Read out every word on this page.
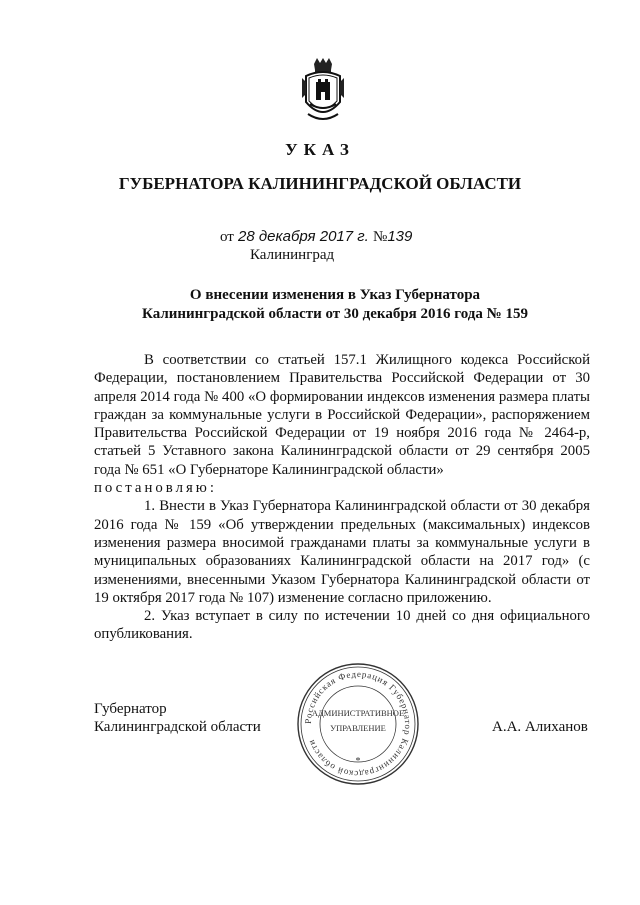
УКАЗ
ГУБЕРНАТОРА КАЛИНИНГРАДСКОЙ ОБЛАСТИ
от 28 декабря 2017 г. №139
Калининград
О внесении изменения в Указ Губернатора
Калининградской области от 30 декабря 2016 года № 159

В соответствии со статьей 157.1 Жилищного кодекса Российской Федерации, постановлением Правительства Российской Федерации от 30 апреля 2014 года № 400 «О формировании индексов изменения размера платы граждан за коммунальные услуги в Российской Федерации», распоряжением Правительства Российской Федерации от 19 ноября 2016 года № 2464-р, статьей 5 Уставного закона Калининградской области от 29 сентября 2005 года № 651 «О Губернаторе Калининградской области»

постановляю:

1. Внести в Указ Губернатора Калининградской области от 30 декабря 2016 года № 159 «Об утверждении предельных (максимальных) индексов изменения размера вносимой гражданами платы за коммунальные услуги в муниципальных образованиях Калининградской области на 2017 год» (с изменениями, внесенными Указом Губернатора Калининградской области от 19 октября 2017 года № 107) изменение согласно приложению.

2. Указ вступает в силу по истечении 10 дней со дня официального опубликования.

Губернатор
Калининградской области	А.А. Алиханов
Российская Федерация Губернатор Калининградской области
АДМИНИСТРАТИВНОЕ
УПРАВЛЕНИЕ
*
